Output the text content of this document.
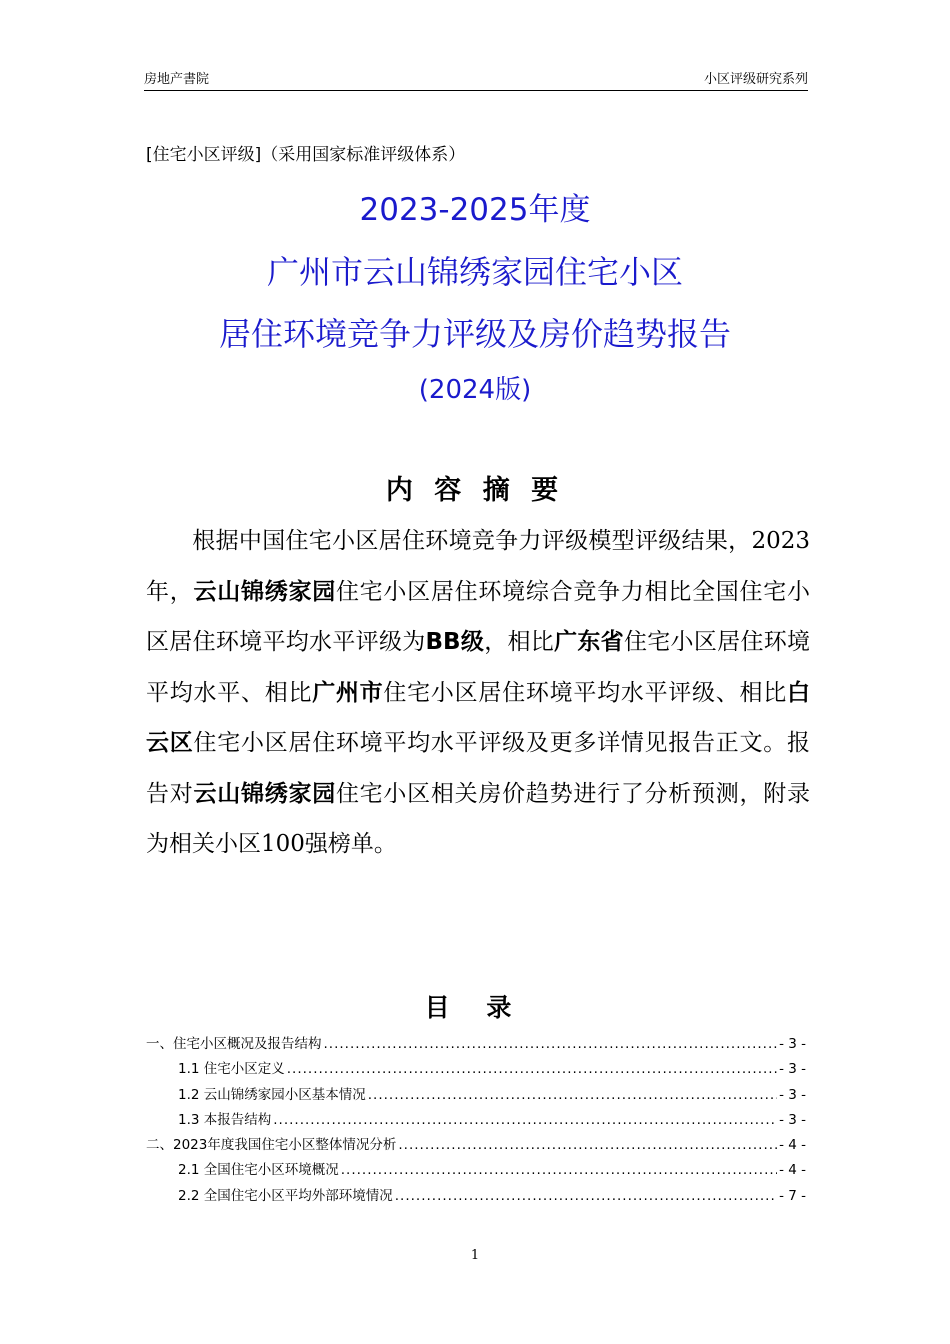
房地产書院	小区评级研究系列
[住宅小区评级]（采用国家标准评级体系）
2023-2025年度
广州市云山锦绣家园住宅小区
居住环境竞争力评级及房价趋势报告
(2024版)
内 容 摘 要
根据中国住宅小区居住环境竞争力评级模型评级结果，2023年，云山锦绣家园住宅小区居住环境综合竞争力相比全国住宅小区居住环境平均水平评级为BB级，相比广东省住宅小区居住环境平均水平、相比广州市住宅小区居住环境平均水平评级、相比白云区住宅小区居住环境平均水平评级及更多详情见报告正文。报告对云山锦绣家园住宅小区相关房价趋势进行了分析预测，附录为相关小区100强榜单。
目 录
一、住宅小区概况及报告结构 .....	- 3 -
1.1 住宅小区定义 .....	- 3 -
1.2 云山锦绣家园小区基本情况 .....	- 3 -
1.3 本报告结构 .....	- 3 -
二、2023年度我国住宅小区整体情况分析 .....	- 4 -
2.1 全国住宅小区环境概况 .....	- 4 -
2.2 全国住宅小区平均外部环境情况 .....	- 7 -
1
